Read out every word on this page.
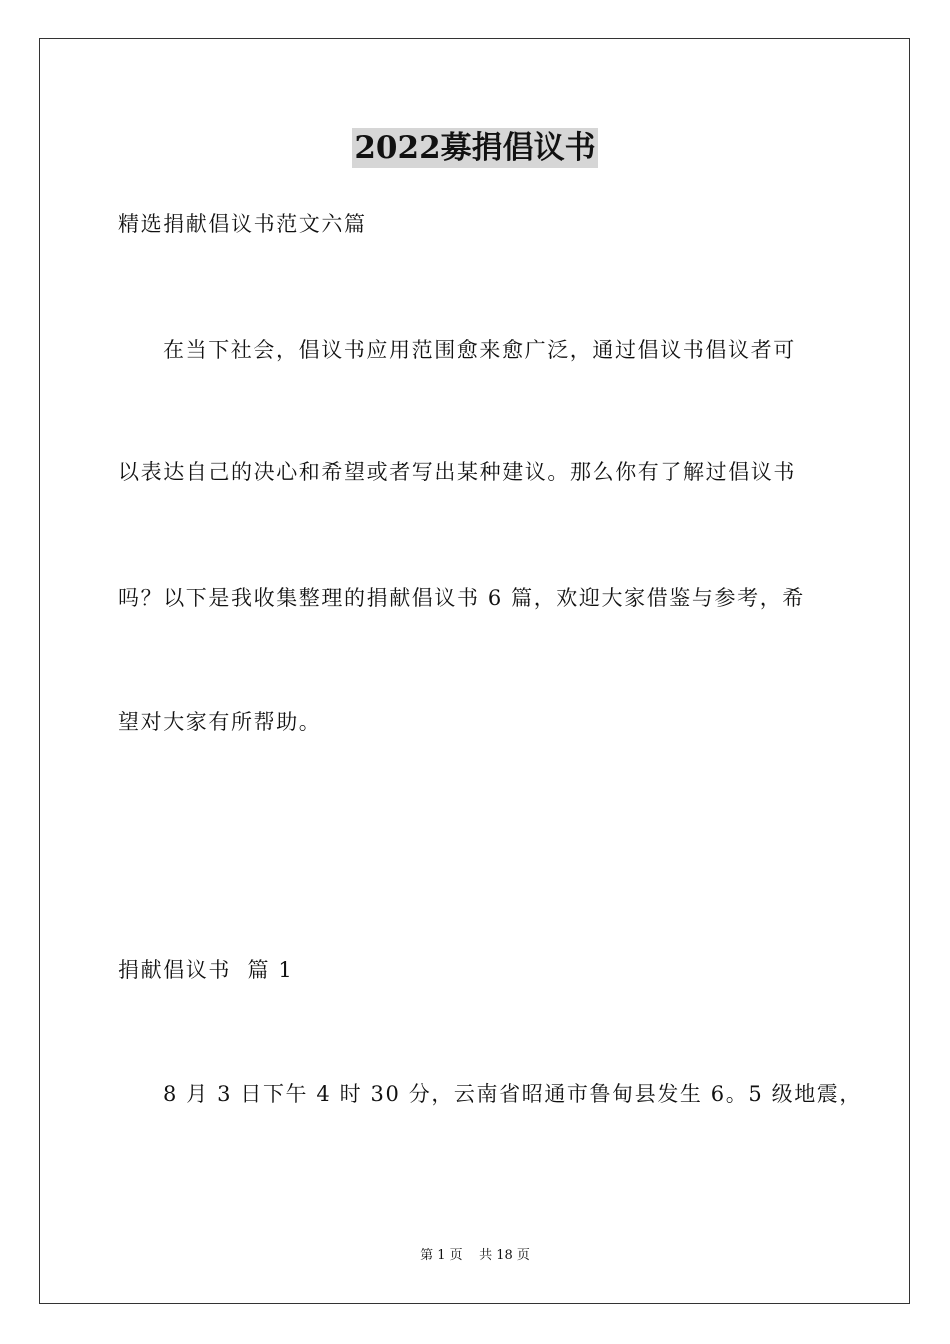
2022募捐倡议书
精选捐献倡议书范文六篇
在当下社会，倡议书应用范围愈来愈广泛，通过倡议书倡议者可
以表达自己的决心和希望或者写出某种建议。那么你有了解过倡议书
吗？以下是我收集整理的捐献倡议书 6 篇，欢迎大家借鉴与参考，希
望对大家有所帮助。
捐献倡议书  篇 1
8 月 3 日下午 4 时 30 分，云南省昭通市鲁甸县发生 6。5 级地震，
第 1 页    共 18 页
